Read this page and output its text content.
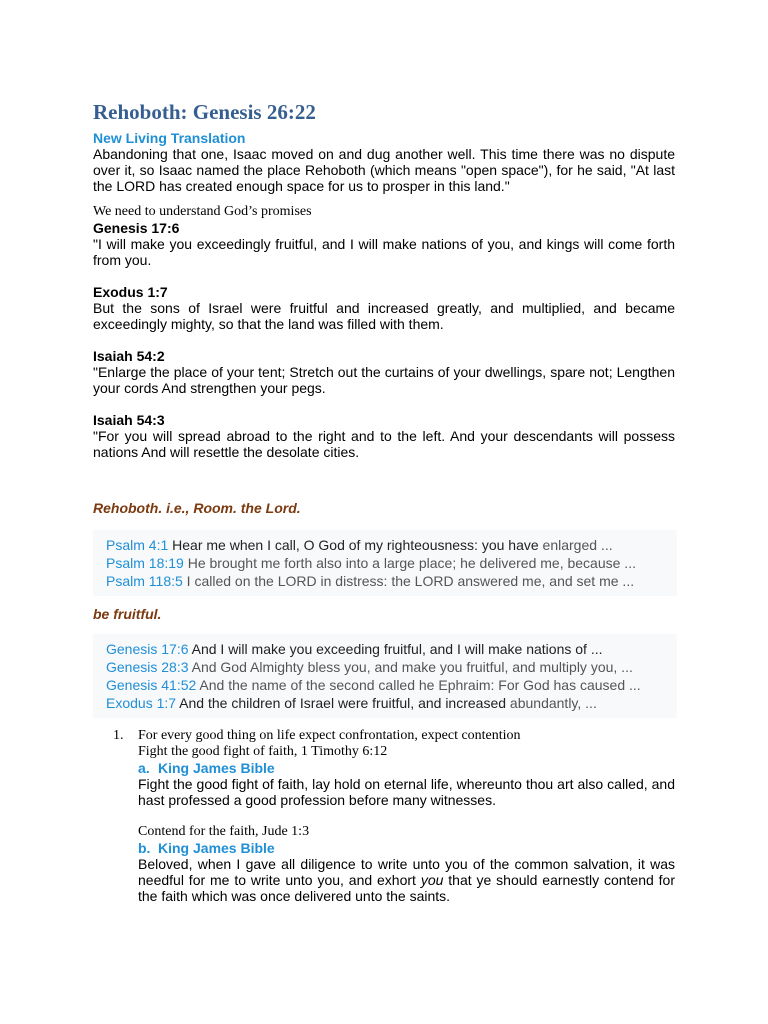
Rehoboth: Genesis 26:22
New Living Translation
Abandoning that one, Isaac moved on and dug another well. This time there was no dispute over it, so Isaac named the place Rehoboth (which means "open space"), for he said, "At last the LORD has created enough space for us to prosper in this land."
We need to understand God’s promises
Genesis 17:6
"I will make you exceedingly fruitful, and I will make nations of you, and kings will come forth from you.
Exodus 1:7
But the sons of Israel were fruitful and increased greatly, and multiplied, and became exceedingly mighty, so that the land was filled with them.
Isaiah 54:2
"Enlarge the place of your tent; Stretch out the curtains of your dwellings, spare not; Lengthen your cords And strengthen your pegs.
Isaiah 54:3
"For you will spread abroad to the right and to the left. And your descendants will possess nations And will resettle the desolate cities.
Rehoboth. i.e., Room. the Lord.
Psalm 4:1 Hear me when I call, O God of my righteousness: you have enlarged ...
Psalm 18:19 He brought me forth also into a large place; he delivered me, because ...
Psalm 118:5 I called on the LORD in distress: the LORD answered me, and set me ...
be fruitful.
Genesis 17:6 And I will make you exceeding fruitful, and I will make nations of ...
Genesis 28:3 And God Almighty bless you, and make you fruitful, and multiply you, ...
Genesis 41:52 And the name of the second called he Ephraim: For God has caused ...
Exodus 1:7 And the children of Israel were fruitful, and increased abundantly, ...
1. For every good thing on life expect confrontation, expect contention
Fight the good fight of faith, 1 Timothy 6:12
a. King James Bible
Fight the good fight of faith, lay hold on eternal life, whereunto thou art also called, and hast professed a good profession before many witnesses.
Contend for the faith, Jude 1:3
b. King James Bible
Beloved, when I gave all diligence to write unto you of the common salvation, it was needful for me to write unto you, and exhort you that ye should earnestly contend for the faith which was once delivered unto the saints.
